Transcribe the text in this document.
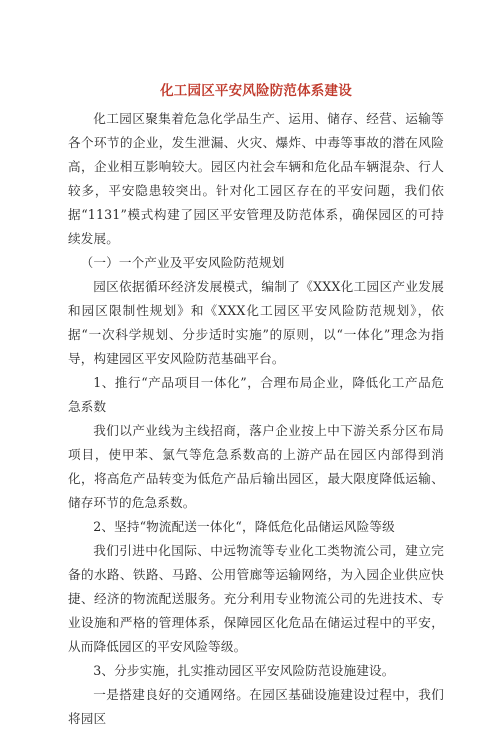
化工园区平安风险防范体系建设

化工园区聚集着危急化学品生产、运用、储存、经营、运输等各个环节的企业，发生泄漏、火灾、爆炸、中毒等事故的潜在风险高，企业相互影响较大。园区内社会车辆和危化品车辆混杂、行人较多，平安隐患较突出。针对化工园区存在的平安问题，我们依据“1131”模式构建了园区平安管理及防范体系，确保园区的可持续发展。

（一）一个产业及平安风险防范规划

园区依据循环经济发展模式，编制了《XXX化工园区产业发展和园区限制性规划》和《XXX化工园区平安风险防范规划》，依据“一次科学规划、分步适时实施”的原则，以“一体化”理念为指导，构建园区平安风险防范基础平台。

1、推行“产品项目一体化”，合理布局企业，降低化工产品危急系数

我们以产业线为主线招商，落户企业按上中下游关系分区布局项目，使甲苯、氯气等危急系数高的上游产品在园区内部得到消化，将高危产品转变为低危产品后输出园区，最大限度降低运输、储存环节的危急系数。

2、坚持“物流配送一体化“，降低危化品储运风险等级

我们引进中化国际、中远物流等专业化工类物流公司，建立完备的水路、铁路、马路、公用管廊等运输网络，为入园企业供应快捷、经济的物流配送服务。充分利用专业物流公司的先进技术、专业设施和严格的管理体系，保障园区化危品在储运过程中的平安，从而降低园区的平安风险等级。

3、分步实施，扎实推动园区平安风险防范设施建设。

一是搭建良好的交通网络。在园区基础设施建设过程中，我们将园区
